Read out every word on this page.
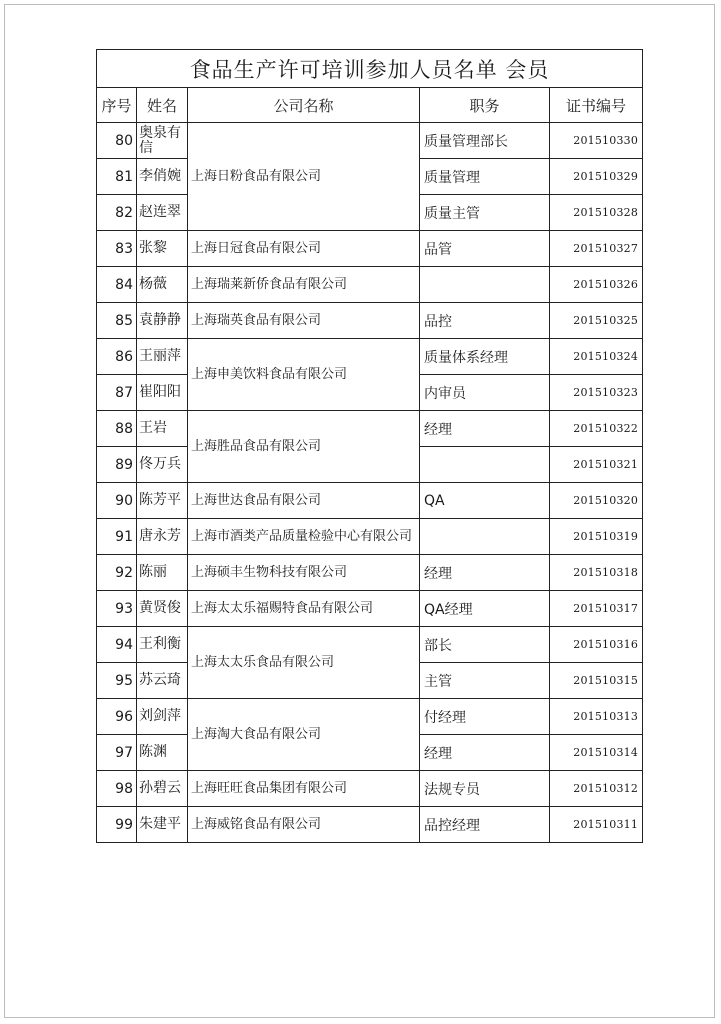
食品生产许可培训参加人员名单 会员				
序号	姓名	公司名称	职务	证书编号
80	奥泉有信	上海日粉食品有限公司	质量管理部长	201510330
81	李俏婉		质量管理	201510329
82	赵连翠		质量主管	201510328
83	张黎	上海日冠食品有限公司	品管	201510327
84	杨薇	上海瑞莱新侨食品有限公司		201510326
85	袁静静	上海瑞英食品有限公司	品控	201510325
86	王丽萍	上海申美饮料食品有限公司	质量体系经理	201510324
87	崔阳阳		内审员	201510323
88	王岩	上海胜品食品有限公司	经理	201510322
89	佟万兵			201510321
90	陈芳平	上海世达食品有限公司	QA	201510320
91	唐永芳	上海市酒类产品质量检验中心有限公司		201510319
92	陈丽	上海硕丰生物科技有限公司	经理	201510318
93	黄贤俊	上海太太乐福赐特食品有限公司	QA经理	201510317
94	王利衡	上海太太乐食品有限公司	部长	201510316
95	苏云琦		主管	201510315
96	刘剑萍	上海淘大食品有限公司	付经理	201510313
97	陈渊		经理	201510314
98	孙碧云	上海旺旺食品集团有限公司	法规专员	201510312
99	朱建平	上海威铭食品有限公司	品控经理	201510311
